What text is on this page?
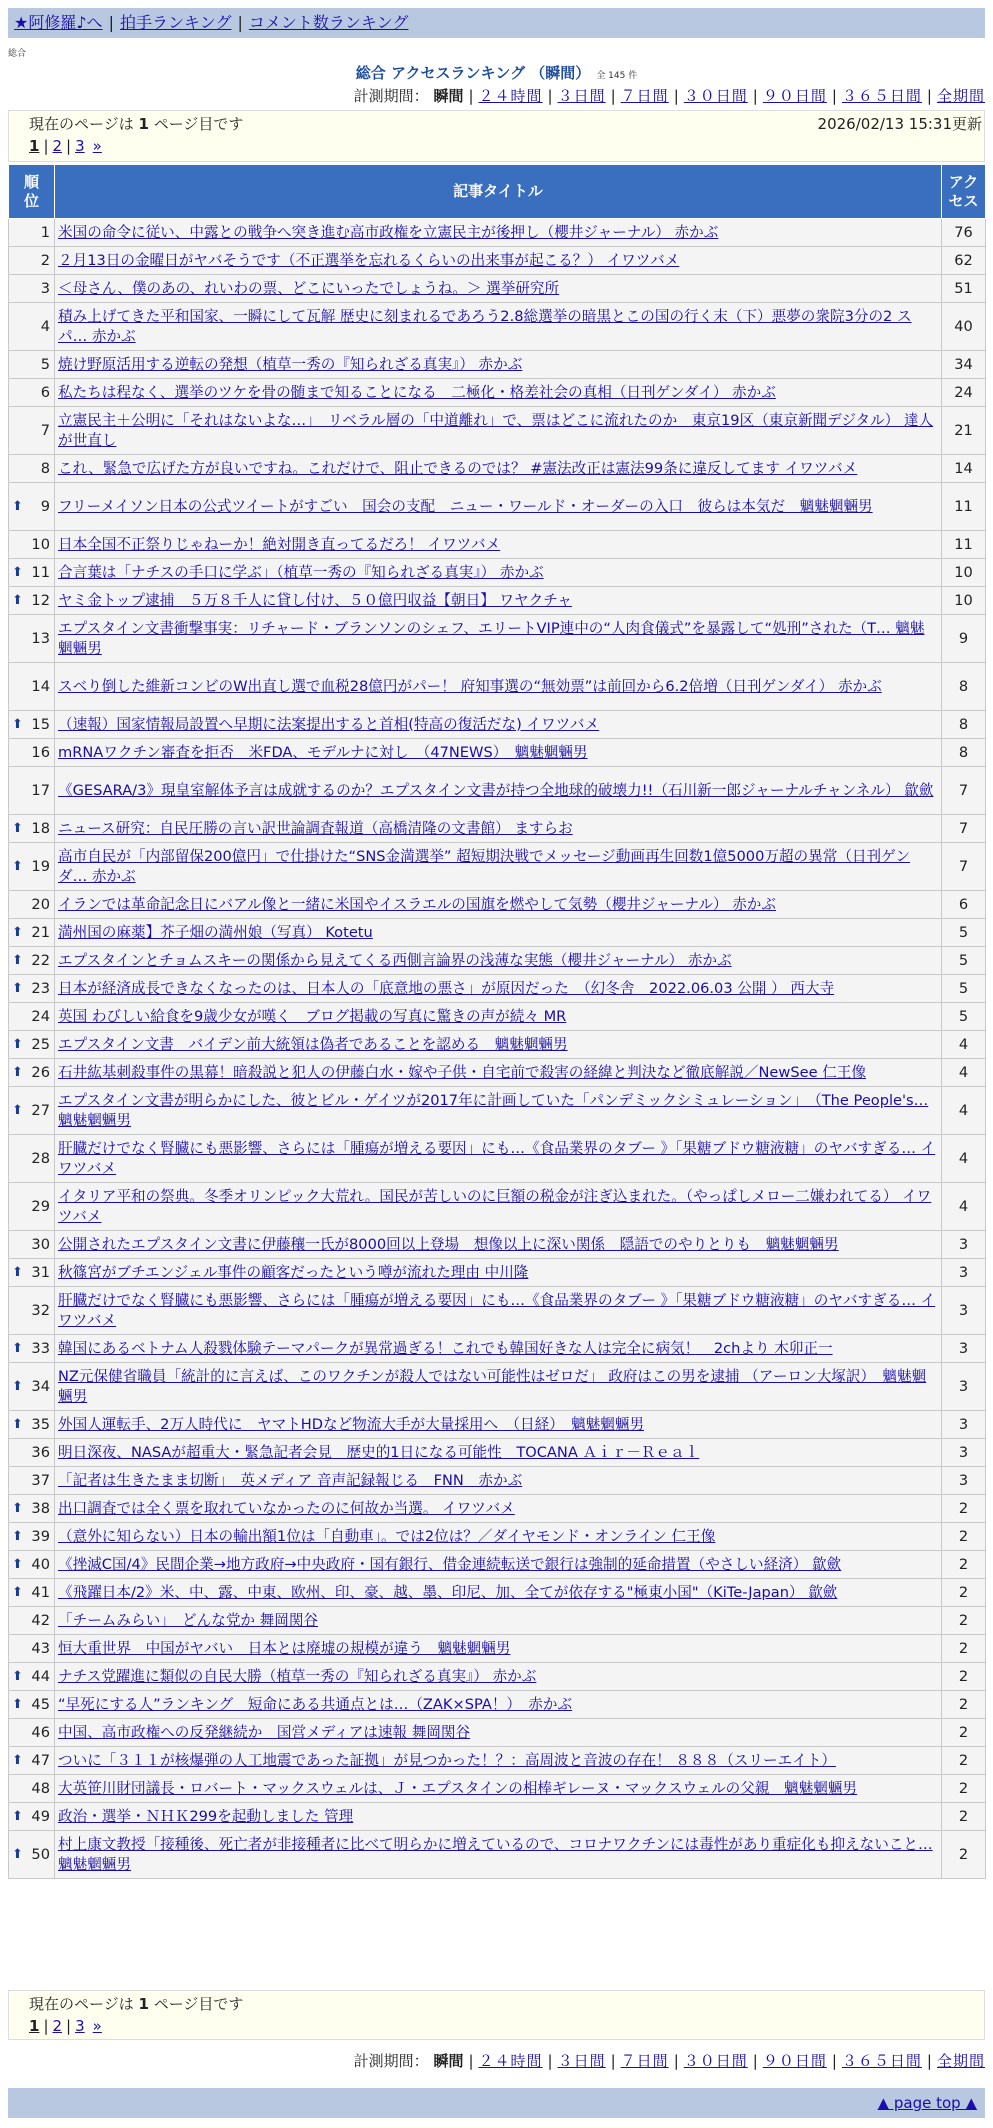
★阿修羅♪へ | 拍手ランキング | コメント数ランキング
総合
総合 アクセスランキング （瞬間） 全 145 件
計測期間： 瞬間 | ２４時間 | ３日間 | ７日間 | ３０日間 | ９０日間 | ３６５日間 | 全期間
現在のページは 1 ページ目です	2026/02/13 15:31更新
1 | 2 | 3 »
順位	記事タイトル	アクセス
1	米国の命令に従い、中露との戦争へ突き進む高市政権を立憲民主が後押し（櫻井ジャーナル） 赤かぶ	76
2	２月13日の金曜日がヤバそうです（不正選挙を忘れるくらいの出来事が起こる？） イワツバメ	62
3	＜母さん、僕のあの、れいわの票、どこにいったでしょうね。＞ 選挙研究所	51
4	積み上げてきた平和国家、一瞬にして瓦解 歴史に刻まれるであろう2.8総選挙の暗黒とこの国の行く末（下）悪夢の衆院3分の2 スパ… 赤かぶ	40
5	焼け野原活用する逆転の発想（植草一秀の『知られざる真実』） 赤かぶ	34
6	私たちは程なく、選挙のツケを骨の髄まで知ることになる　二極化・格差社会の真相（日刊ゲンダイ） 赤かぶ	24
7	立憲民主＋公明に「それはないよな…」　リベラル層の「中道離れ」で、票はどこに流れたのか　東京19区（東京新聞デジタル） 達人が世直し	21
8	これ、緊急で広げた方が良いですね。これだけで、阻止できるのでは？ #憲法改正は憲法99条に違反してます イワツバメ	14

⬆ 9	フリーメイソン日本の公式ツイートがすごい　国会の支配　ニュー・ワールド・オーダーの入口　彼らは本気だ　魑魅魍魎男	11
10	日本全国不正祭りじゃねーか！絶対開き直ってるだろ！ イワツバメ	11

⬆ 11	合言葉は「ナチスの手口に学ぶ」（植草一秀の『知られざる真実』） 赤かぶ	10

⬆ 12	ヤミ金トップ逮捕　５万８千人に貸し付け、５０億円収益【朝日】 ワヤクチャ	10
13	エプスタイン文書衝撃事実：リチャード・ブランソンのシェフ、エリートVIP連中の“人肉食儀式”を暴露して“処刑”された（T… 魑魅魍魎男	9
14	スベり倒した維新コンビのW出直し選で血税28億円がパー！ 府知事選の“無効票”は前回から6.2倍増（日刊ゲンダイ） 赤かぶ	8

⬆ 15	（速報）国家情報局設置へ早期に法案提出すると首相(特高の復活だな) イワツバメ	8
16	mRNAワクチン審査を拒否　米FDA、モデルナに対し　（47NEWS）　魑魅魍魎男	8
17	《GESARA/3》現皇室解体予言は成就するのか？エプスタイン文書が持つ全地球的破壊力!!（石川新一郎ジャーナルチャンネル） 歙歛	7

⬆ 18	ニュース研究：自民圧勝の言い訳世論調査報道（高橋清隆の文書館） ますらお	7

⬆ 19	高市自民が「内部留保200億円」で仕掛けた“SNS金満選挙” 超短期決戦でメッセージ動画再生回数1億5000万超の異常（日刊ゲンダ… 赤かぶ	7
20	イランでは革命記念日にバアル像と一緒に米国やイスラエルの国旗を燃やして気勢（櫻井ジャーナル） 赤かぶ	6

⬆ 21	満州国の麻薬】芥子畑の満州娘（写真） Kotetu	5

⬆ 22	エプスタインとチョムスキーの関係から見えてくる西側言論界の浅薄な実態（櫻井ジャーナル） 赤かぶ	5

⬆ 23	日本が経済成長できなくなったのは、日本人の「底意地の悪さ」が原因だった　（幻冬舎　2022.06.03 公開 ） 西大寺	5
24	英国 わびしい給食を9歳少女が嘆く　ブログ掲載の写真に驚きの声が続々 MR	5

⬆ 25	エプスタイン文書　バイデン前大統領は偽者であることを認める　魑魅魍魎男	4

⬆ 26	石井紘基刺殺事件の黒幕！暗殺説と犯人の伊藤白水・嫁や子供・自宅前で殺害の経緯と判決など徹底解説／NewSee 仁王像	4

⬆ 27	エプスタイン文書が明らかにした、彼とビル・ゲイツが2017年に計画していた「パンデミックシミュレーション」　（The People's… 魑魅魍魎男	4
28	肝臓だけでなく腎臓にも悪影響、さらには「腫瘍が増える要因」にも…《食品業界のタブー 》「果糖ブドウ糖液糖」のヤバすぎる… イワツバメ	4
29	イタリア平和の祭典。冬季オリンピック大荒れ。国民が苦しいのに巨額の税金が注ぎ込まれた。（やっぱしメロー二嫌われてる） イワツバメ	4
30	公開されたエプスタイン文書に伊藤穰一氏が8000回以上登場　想像以上に深い関係　隠語でのやりとりも　魑魅魍魎男	3

⬆ 31	秋篠宮がブチエンジェル事件の顧客だったという噂が流れた理由 中川隆	3
32	肝臓だけでなく腎臓にも悪影響、さらには「腫瘍が増える要因」にも…《食品業界のタブー 》「果糖ブドウ糖液糖」のヤバすぎる… イワツバメ	3

⬆ 33	韓国にあるベトナム人殺戮体験テーマパークが異常過ぎる！これでも韓国好きな人は完全に病気！　2chより 木卯正一	3

⬆ 34	NZ元保健省職員「統計的に言えば、このワクチンが殺人ではない可能性はゼロだ」 政府はこの男を逮捕 （アーロン大塚訳）　魑魅魍魎男	3

⬆ 35	外国人運転手、2万人時代に　ヤマトHDなど物流大手が大量採用へ　（日経）　魑魅魍魎男	3
36	明日深夜、NASAが超重大・緊急記者会見　歴史的1日になる可能性　TOCANA Ａｉｒ－Ｒｅａｌ	3
37	「記者は生きたまま切断」　英メディア 音声記録報じる　FNN　赤かぶ	3

⬆ 38	出口調査では全く票を取れていなかったのに何故か当選。 イワツバメ	2

⬆ 39	（意外に知らない）日本の輸出額1位は「自動車」。では2位は？／ダイヤモンド・オンライン 仁王像	2

⬆ 40	《挫滅C国/4》民間企業→地方政府→中央政府・国有銀行、借金連続転送で銀行は強制的延命措置（やさしい経済） 歙歛	2

⬆ 41	《飛躍日本/2》米、中、露、中東、欧州、印、豪、越、墨、印尼、加、全てが依存する"極東小国"（KiTe-Japan） 歙歛	2
42	「チームみらい」　どんな党か 舞岡関谷	2
43	恒大重世界　中国がヤバい　日本とは廃墟の規模が違う　魑魅魍魎男	2

⬆ 44	ナチス党躍進に類似の自民大勝（植草一秀の『知られざる真実』） 赤かぶ	2

⬆ 45	“早死にする人”ランキング　短命にある共通点とは…（ZAK×SPA！）　赤かぶ	2
46	中国、高市政権への反発継続か　国営メディアは速報 舞岡関谷	2

⬆ 47	ついに「３１１が核爆弾の人工地震であった証拠」が見つかった！？：高周波と音波の存在！ ８８８（スリーエイト）	2
48	大英笹川財団議長・ロバート・マックスウェルは、Ｊ・エプスタインの相棒ギレーヌ・マックスウェルの父親　魑魅魍魎男	2

⬆ 49	政治・選挙・ＮＨＫ299を起動しました 管理	2

⬆ 50	村上康文教授「接種後、死亡者が非接種者に比べて明らかに増えているので、コロナワクチンには毒性があり重症化も抑えないこと… 魑魅魍魎男	2
現在のページは 1 ページ目です
1 | 2 | 3 »
計測期間： 瞬間 | ２４時間 | ３日間 | ７日間 | ３０日間 | ９０日間 | ３６５日間 | 全期間
▲ page top ▲
